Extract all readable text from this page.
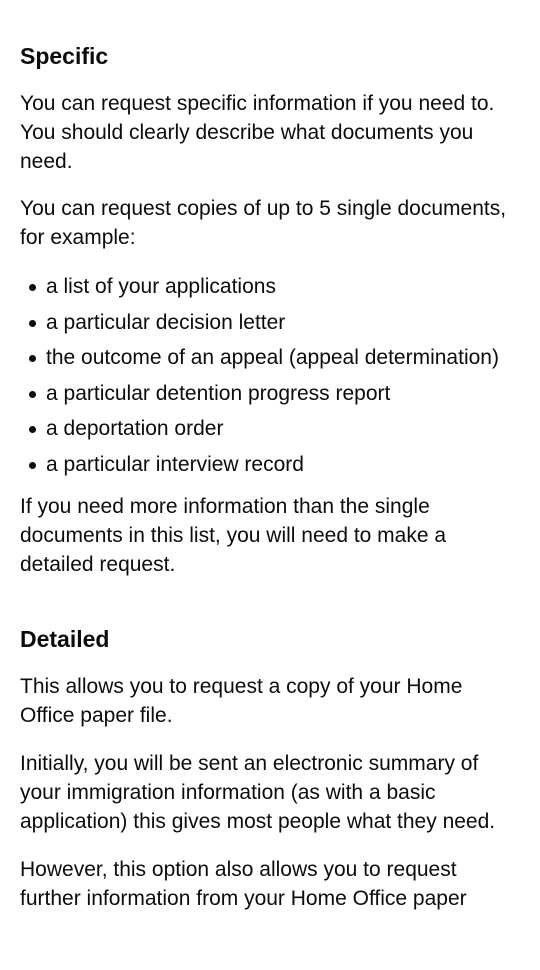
Specific

You can request specific information if you need to. You should clearly describe what documents you need.

You can request copies of up to 5 single documents, for example:

a list of your applications
a particular decision letter
the outcome of an appeal (appeal determination)
a particular detention progress report
a deportation order
a particular interview record

If you need more information than the single documents in this list, you will need to make a detailed request.

Detailed

This allows you to request a copy of your Home Office paper file.

Initially, you will be sent an electronic summary of your immigration information (as with a basic application) this gives most people what they need.

However, this option also allows you to request further information from your Home Office paper
